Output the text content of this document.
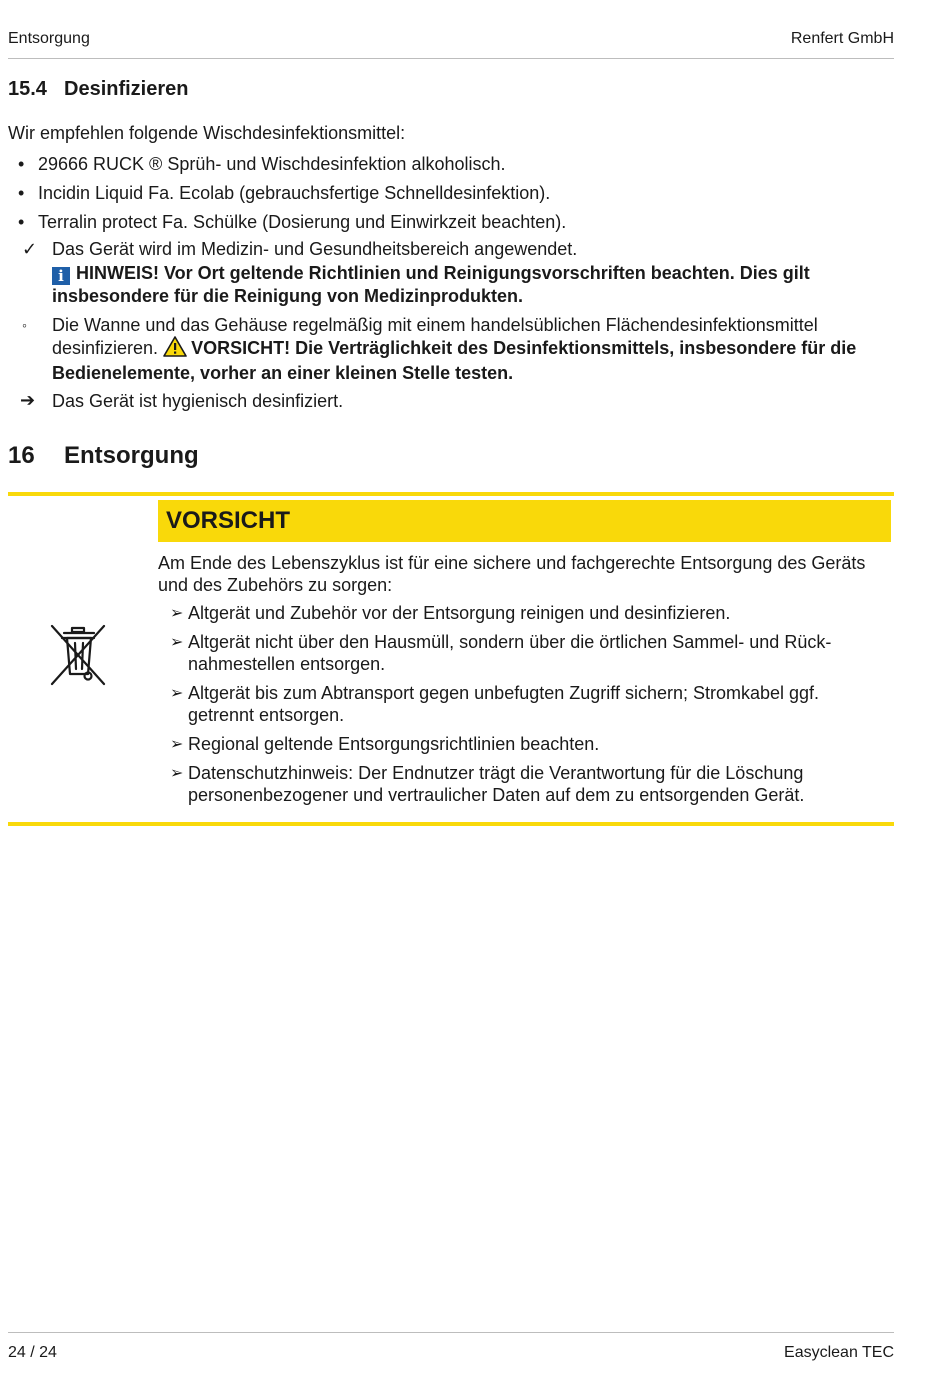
Entsorgung	Renfert GmbH
15.4 Desinfizieren
Wir empfehlen folgende Wischdesinfektionsmittel:
• 29666 RUCK ® Sprüh- und Wischdesinfektion alkoholisch.
• Incidin Liquid Fa. Ecolab (gebrauchsfertige Schnelldesinfektion).
• Terralin protect Fa. Schülke (Dosierung und Einwirkzeit beachten).
✓ Das Gerät wird im Medizin- und Gesundheitsbereich angewendet.
i HINWEIS! Vor Ort geltende Richtlinien und Reinigungsvorschriften beachten. Dies gilt insbesondere für die Reinigung von Medizinprodukten.
◦ Die Wanne und das Gehäuse regelmäßig mit einem handelsüblichen Flächendesinfektionsmittel desinfizieren. VORSICHT! Die Verträglichkeit des Desinfektionsmittels, insbesondere für die Bedienelemente, vorher an einer kleinen Stelle testen.
➔ Das Gerät ist hygienisch desinfiziert.
16 Entsorgung
VORSICHT
Am Ende des Lebenszyklus ist für eine sichere und fachgerechte Entsorgung des Geräts und des Zubehörs zu sorgen:
➢ Altgerät und Zubehör vor der Entsorgung reinigen und desinfizieren.
➢ Altgerät nicht über den Hausmüll, sondern über die örtlichen Sammel- und Rück-nahmestellen entsorgen.
➢ Altgerät bis zum Abtransport gegen unbefugten Zugriff sichern; Stromkabel ggf. getrennt entsorgen.
➢ Regional geltende Entsorgungsrichtlinien beachten.
➢ Datenschutzhinweis: Der Endnutzer trägt die Verantwortung für die Löschung personenbezogener und vertraulicher Daten auf dem zu entsorgenden Gerät.
24 / 24	Easyclean TEC
